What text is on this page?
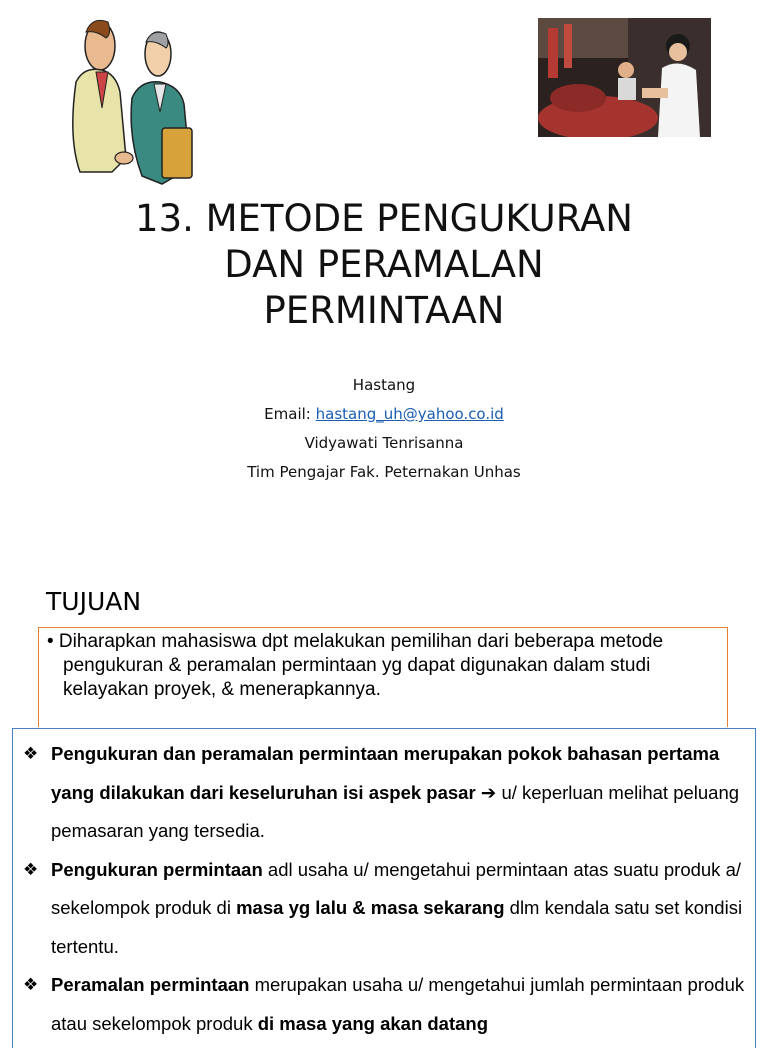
13. METODE PENGUKURAN
DAN PERAMALAN
PERMINTAAN
Hastang
Email: hastang_uh@yahoo.co.id
Vidyawati Tenrisanna
Tim Pengajar Fak. Peternakan Unhas
TUJUAN
• Diharapkan mahasiswa dpt melakukan pemilihan dari beberapa metode pengukuran & peramalan permintaan yg dapat digunakan dalam studi kelayakan proyek, & menerapkannya.
❖ Pengukuran dan peramalan permintaan merupakan pokok bahasan pertama yang dilakukan dari keseluruhan isi aspek pasar ➔ u/ keperluan melihat peluang pemasaran yang tersedia.
❖ Pengukuran permintaan adl usaha u/ mengetahui permintaan atas suatu produk a/ sekelompok produk di masa yg lalu & masa sekarang dlm kendala satu set kondisi tertentu.
❖ Peramalan permintaan merupakan usaha u/ mengetahui jumlah permintaan produk atau sekelompok produk di masa yang akan datang
